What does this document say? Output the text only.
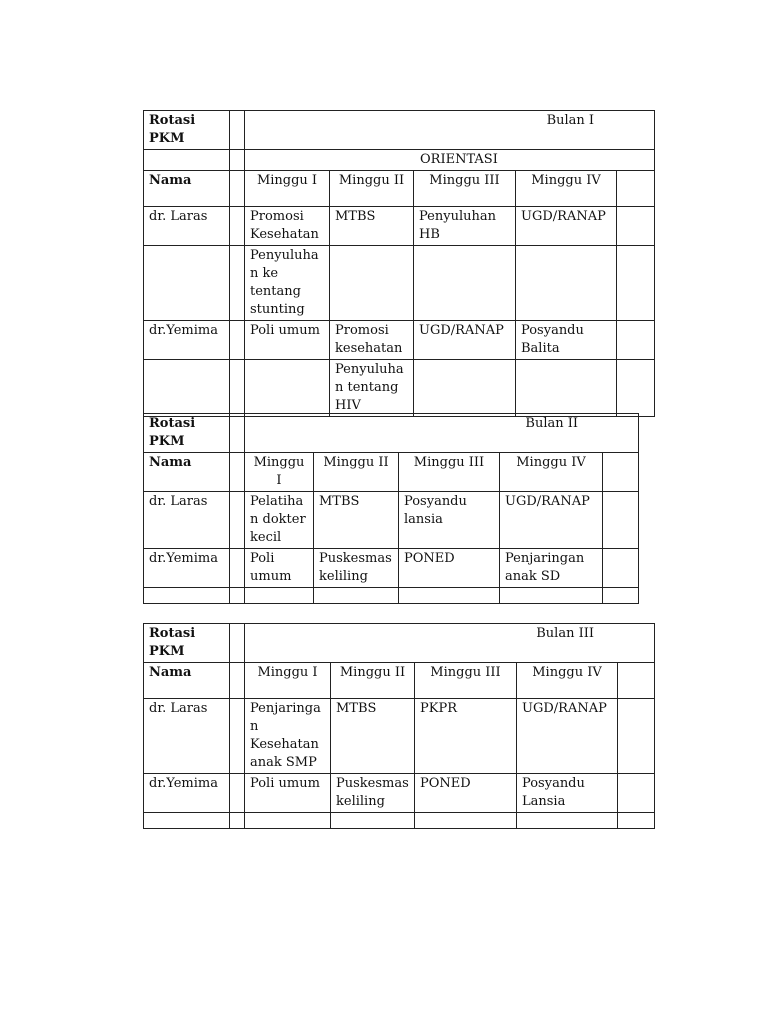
Rotasi PKM		Bulan I				
		ORIENTASI				
Nama		Minggu I	Minggu II	Minggu III	Minggu IV	
dr. Laras		Promosi Kesehatan	MTBS	Penyuluhan HB	UGD/RANAP	
		Penyuluhan ke tentang stunting				
dr.Yemima		Poli umum	Promosi kesehatan	UGD/RANAP	Posyandu Balita	
			Penyuluha n tentang HIV			
Rotasi PKM		Bulan II				
Nama		Minggu I	Minggu II	Minggu III	Minggu IV	
dr. Laras		Pelatihan dokter kecil	MTBS	Posyandu lansia	UGD/RANAP	
dr.Yemima		Poli umum	Puskesmas keliling	PONED	Penjaringan anak SD	

Rotasi PKM		Bulan III				
Nama		Minggu I	Minggu II	Minggu III	Minggu IV	
dr. Laras		Penjaringan Kesehatan anak SMP	MTBS	PKPR	UGD/RANAP	
dr.Yemima		Poli umum	Puskesmas keliling	PONED	Posyandu Lansia	
